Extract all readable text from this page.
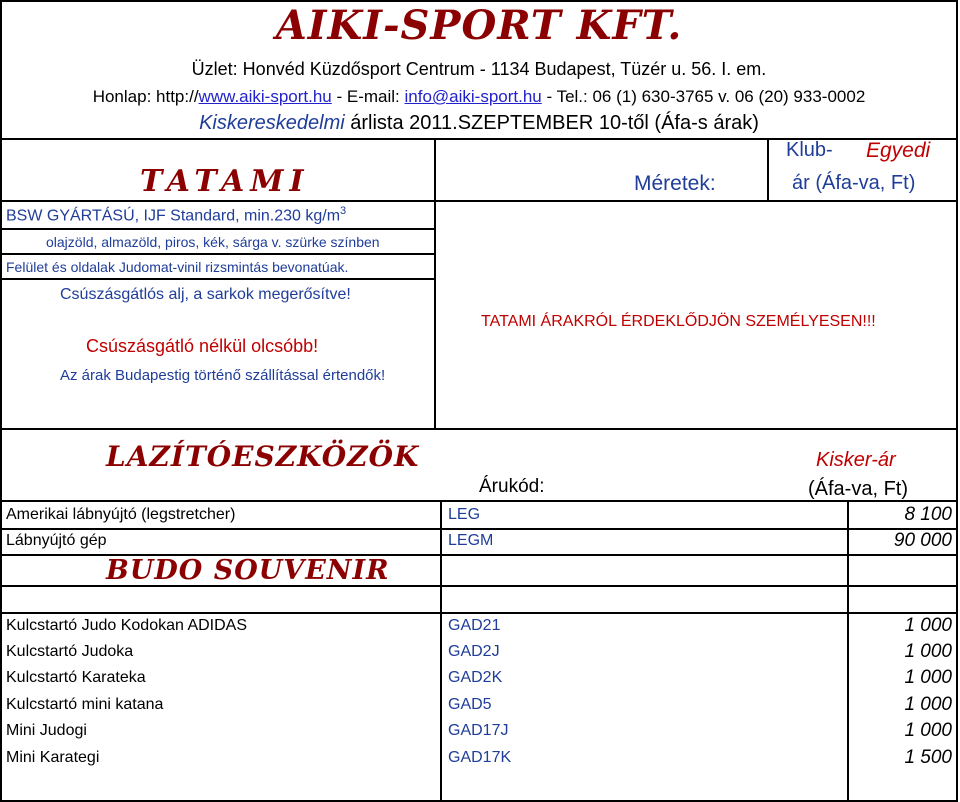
AIKI-SPORT KFT.
Üzlet: Honvéd Küzdősport Centrum - 1134 Budapest, Tüzér u. 56. I. em.
Honlap: http://www.aiki-sport.hu - E-mail: info@aiki-sport.hu - Tel.: 06 (1) 630-3765 v. 06 (20) 933-0002
Kiskereskedelmi árlista 2011.SZEPTEMBER 10-től (Áfa-s árak)
TATAMI	Méretek:
Klub- Egyedi
ár (Áfa-va, Ft)
BSW GYÁRTÁSÚ, IJF Standard, min.230 $kg/m^3$
olajzöld, almazöld, piros, kék, sárga v. szürke színben
Felület és oldalak Judomat-vinil rizsmintás bevonatúak.
Csúszásgátlós alj, a sarkok megerősítve!
Csúszásgátló nélkül olcsóbb!
Az árak Budapestig történő szállítással értendők!
TATAMI ÁRAKRÓL ÉRDEKLŐDJÖN SZEMÉLYESEN!!!
LAZÍTÓESZKÖZÖK	Kisker-ár
Árukód:	(Áfa-va, Ft)
Amerikai lábnyújtó (legstretcher)	LEG	8 100
Lábnyújtó gép	LEGM	90 000
BUDO SOUVENIR
Kulcstartó Judo Kodokan ADIDAS	GAD21	1 000
Kulcstartó Judoka	GAD2J	1 000
Kulcstartó Karateka	GAD2K	1 000
Kulcstartó mini katana	GAD5	1 000
Mini Judogi	GAD17J	1 000
Mini Karategi	GAD17K	1 500
